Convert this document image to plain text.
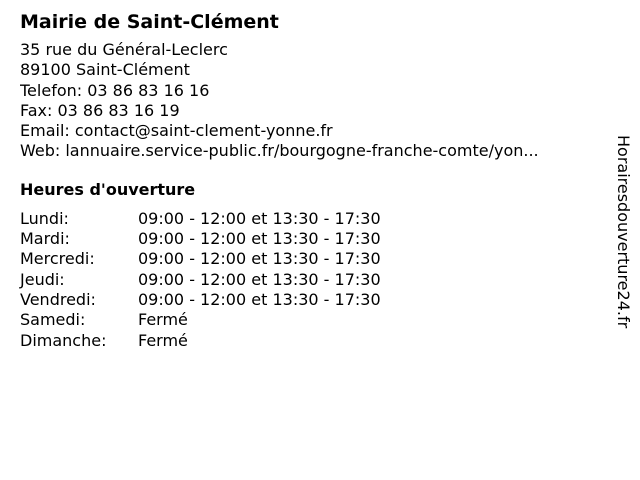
Mairie de Saint-Clément
35 rue du Général-Leclerc
89100 Saint-Clément
Telefon: 03 86 83 16 16
Fax: 03 86 83 16 19
Email: contact@saint-clement-yonne.fr
Web: lannuaire.service-public.fr/bourgogne-franche-comte/yon...
Heures d'ouverture
Lundi:	09:00 - 12:00 et 13:30 - 17:30
Mardi:	09:00 - 12:00 et 13:30 - 17:30
Mercredi:	09:00 - 12:00 et 13:30 - 17:30
Jeudi:	09:00 - 12:00 et 13:30 - 17:30
Vendredi:	09:00 - 12:00 et 13:30 - 17:30
Samedi:	Fermé
Dimanche:	Fermé
Horairesdouverture24.fr
